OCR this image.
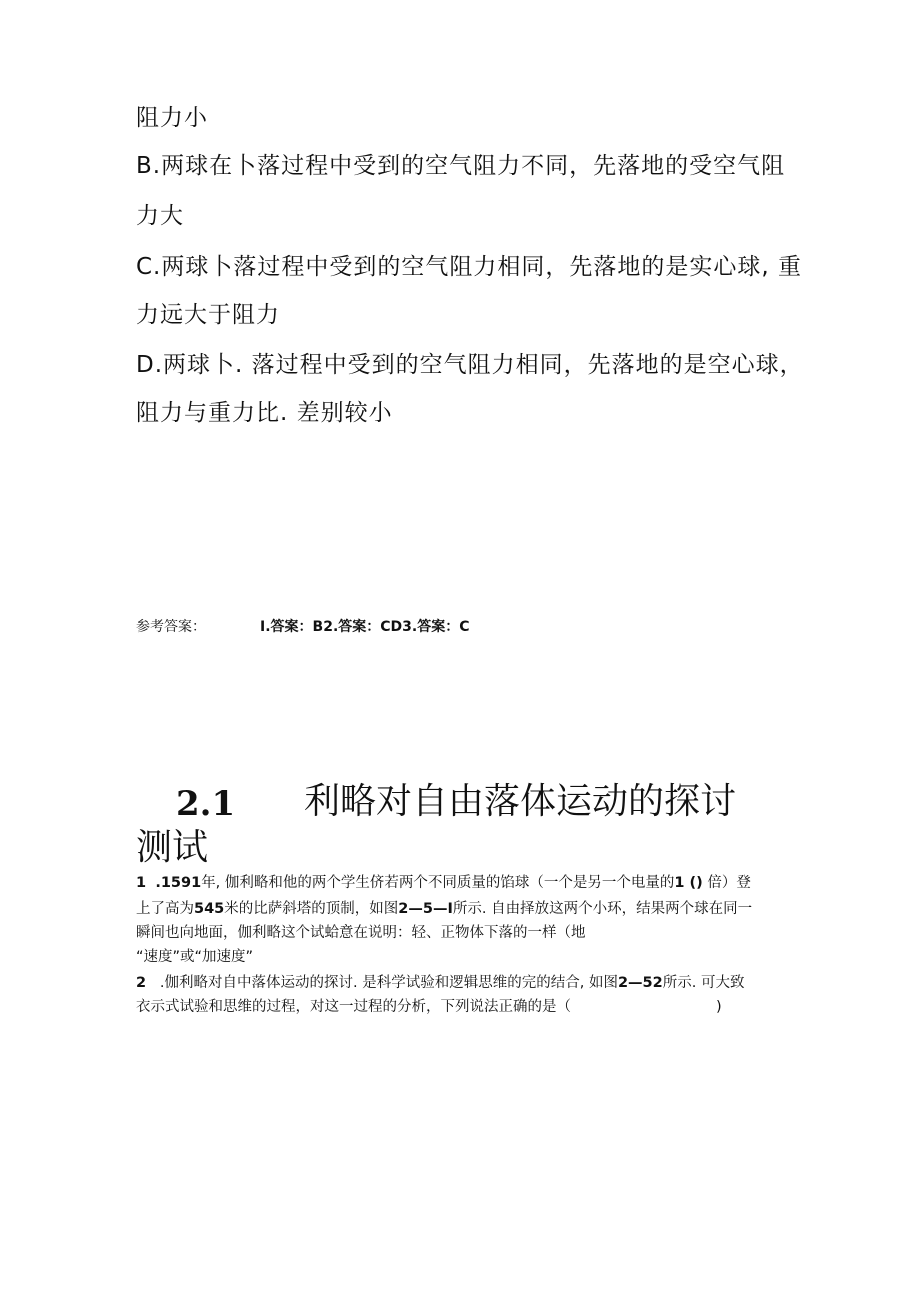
阻力小

B.两球在卜落过程中受到的空气阻力不同，先落地的受空气阻

力大

C.两球卜落过程中受到的空气阻力相同，先落地的是实心球, 重

力远大于阻力

D.两球卜. 落过程中受到的空气阻力相同，先落地的是空心球，

阻力与重力比. 差别较小

参考答案：	I.答案：B2.答案：CD3.答案：C
2.1 利略对自由落体运动的探讨
测试

1 .1591年, 伽利略和他的两个学生侪若两个不同质量的馅球（一个是另一个电量的1 () 倍）登

上了高为545米的比萨斜塔的顶制，如图2—5—I所示. 自由择放这两个小环，结果两个球在同一

瞬间也向地面，伽利略这个试蛤意在说明：轻、正物体下落的一样（地

“速度”或“加速度”

2 .伽利略对自中落体运动的探讨. 是科学试验和逻辑思维的完的结合, 如图2—52所示. 可大致

衣示式试验和思维的过程，对这一过程的分析，下列说法正确的是（	)
